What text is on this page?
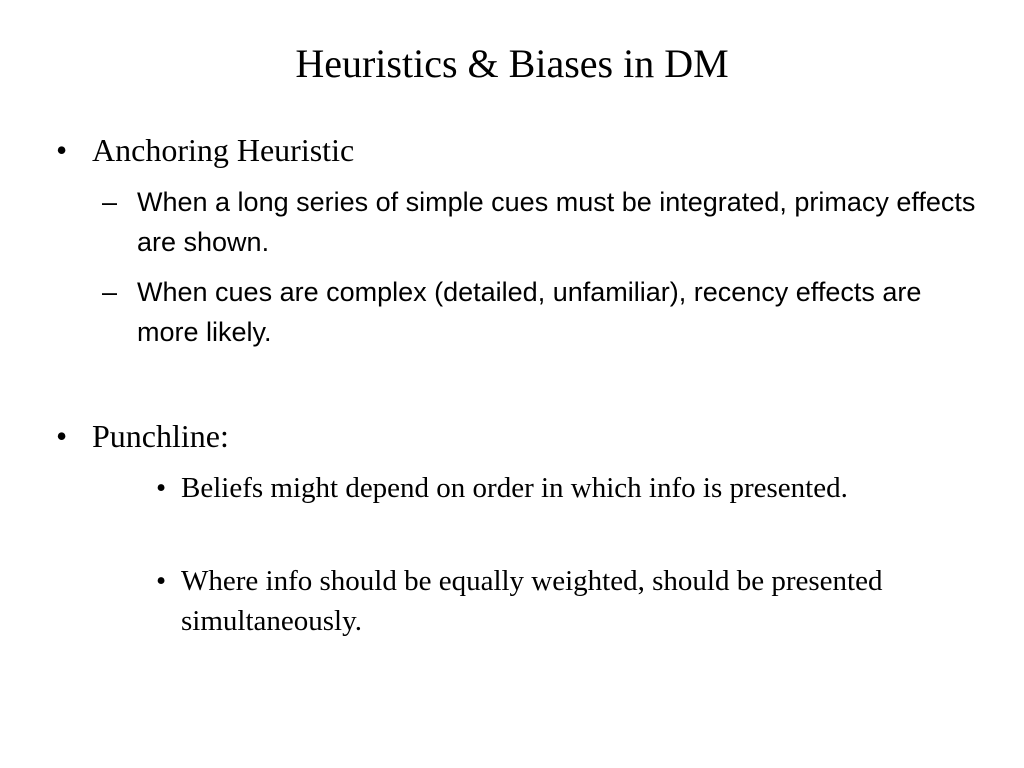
Heuristics & Biases in DM
• Anchoring Heuristic
– When a long series of simple cues must be integrated, primacy effects are shown.
– When cues are complex (detailed, unfamiliar), recency effects are more likely.
• Punchline:
• Beliefs might depend on order in which info is presented.
• Where info should be equally weighted, should be presented simultaneously.
